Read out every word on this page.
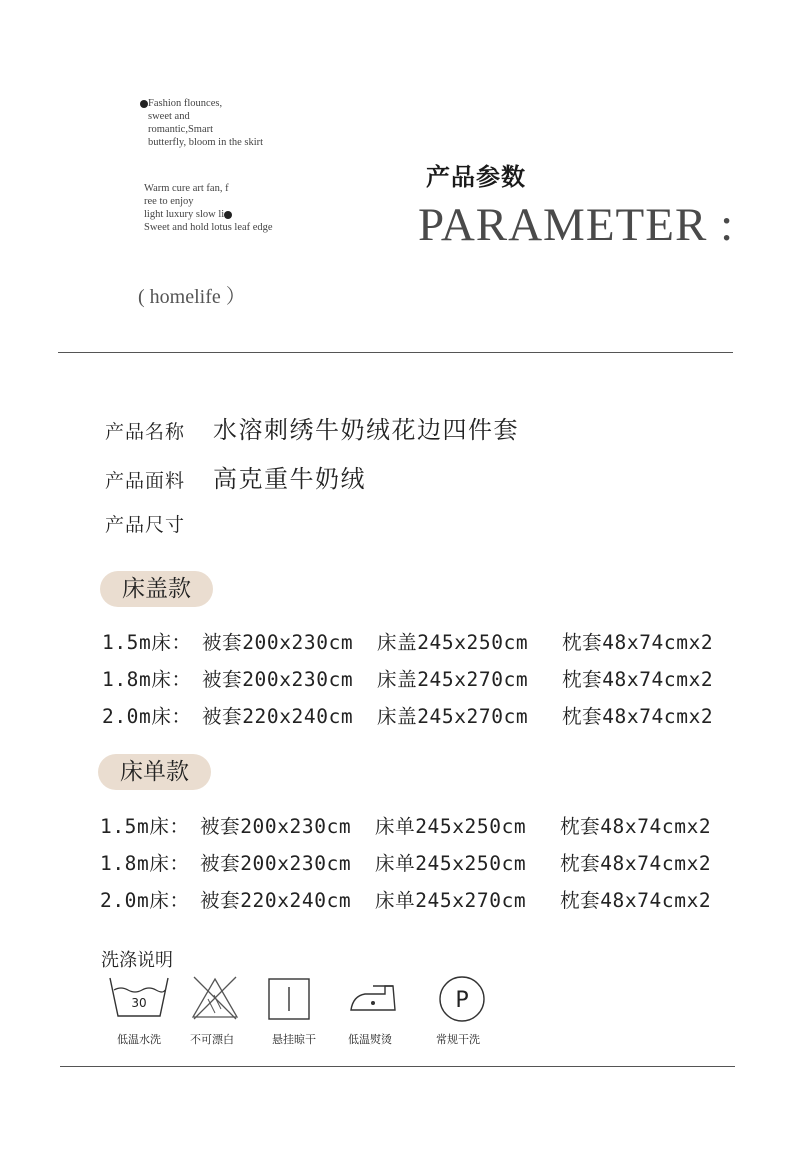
Fashion flounces,
sweet and
romantic,Smart
butterfly, bloom in the skirt
Warm cure art fan, f
ree to enjoy
light luxury slow li
Sweet and hold lotus leaf edge
产品参数
PARAMETER :
( homelife ）
产品名称	水溶刺绣牛奶绒花边四件套
产品面料	高克重牛奶绒
产品尺寸
床盖款
1.5m床： 被套200x230cm 床盖245x250cm 枕套48x74cmx2
1.8m床： 被套200x230cm 床盖245x270cm 枕套48x74cmx2
2.0m床： 被套220x240cm 床盖245x270cm 枕套48x74cmx2
床单款
1.5m床： 被套200x230cm 床单245x250cm 枕套48x74cmx2
1.8m床： 被套200x230cm 床单245x250cm 枕套48x74cmx2
2.0m床： 被套220x240cm 床单245x270cm 枕套48x74cmx2
洗涤说明
30	P
低温水洗	不可漂白	悬挂晾干	低温熨烫	常规干洗
